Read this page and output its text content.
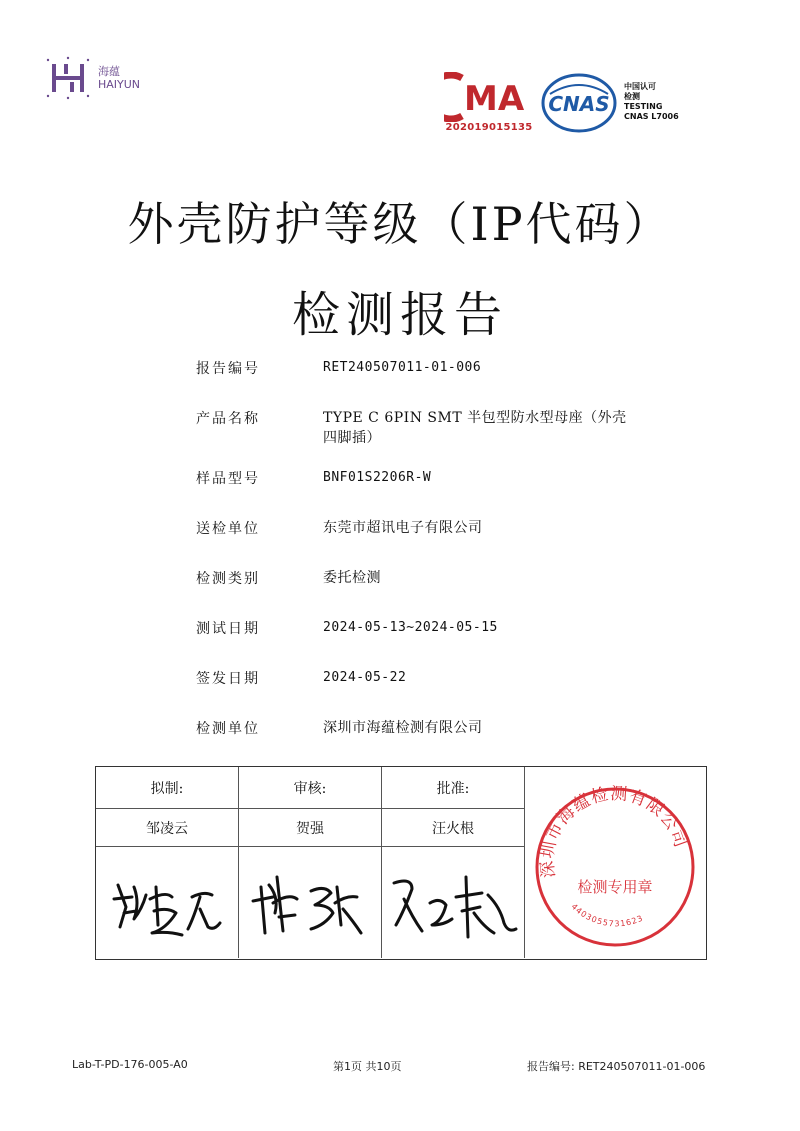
海蕴
HAIYUN	MA
202019015135
CNAS
中国认可
检测
TESTING
CNAS L7006
外壳防护等级（IP代码）
检测报告
报告编号	RET240507011-01-006
产品名称	TYPE C 6PIN SMT 半包型防水型母座（外壳
四脚插）
样品型号	BNF01S2206R-W
送检单位	东莞市超讯电子有限公司
检测类别	委托检测
测试日期	2024-05-13~2024-05-15
签发日期	2024-05-22
检测单位	深圳市海蕴检测有限公司
拟制:	审核:	批准:
邹凌云	贺强	汪火根
深圳市海蕴检测有限公司
检测专用章
4403055731623
Lab-T-PD-176-005-A0	第1页 共10页	报告编号: RET240507011-01-006
